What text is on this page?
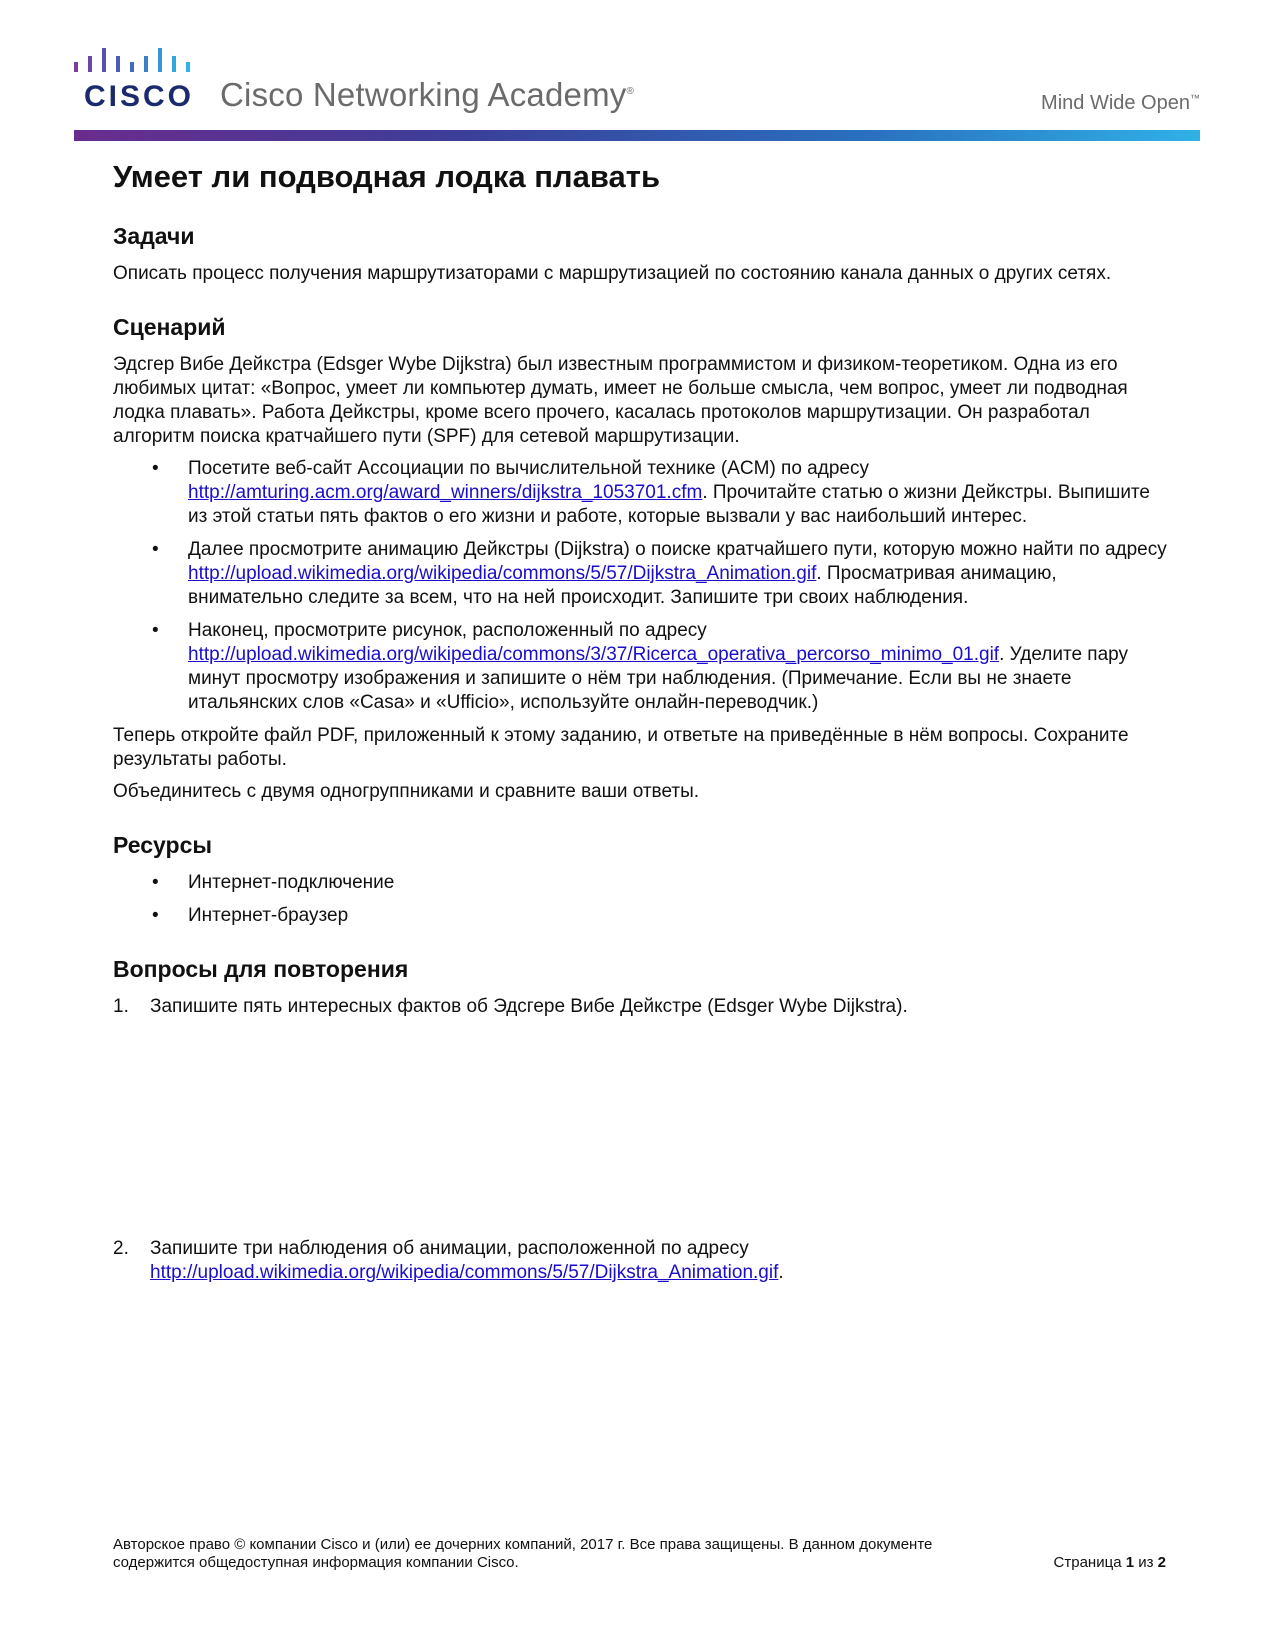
CISCO Cisco Networking Academy®
Mind Wide Open™
Умеет ли подводная лодка плавать
Задачи

Описать процесс получения маршрутизаторами с маршрутизацией по состоянию канала данных о других сетях.

Сценарий

Эдсгер Вибе Дейкстра (Edsger Wybe Dijkstra) был известным программистом и физиком-теоретиком. Одна из его любимых цитат: «Вопрос, умеет ли компьютер думать, имеет не больше смысла, чем вопрос, умеет ли подводная лодка плавать». Работа Дейкстры, кроме всего прочего, касалась протоколов маршрутизации. Он разработал алгоритм поиска кратчайшего пути (SPF) для сетевой маршрутизации.

• Посетите веб-сайт Ассоциации по вычислительной технике (ACM) по адресу http://amturing.acm.org/award_winners/dijkstra_1053701.cfm. Прочитайте статью о жизни Дейкстры. Выпишите из этой статьи пять фактов о его жизни и работе, которые вызвали у вас наибольший интерес.
• Далее просмотрите анимацию Дейкстры (Dijkstra) о поиске кратчайшего пути, которую можно найти по адресу http://upload.wikimedia.org/wikipedia/commons/5/57/Dijkstra_Animation.gif. Просматривая анимацию, внимательно следите за всем, что на ней происходит. Запишите три своих наблюдения.
• Наконец, просмотрите рисунок, расположенный по адресу http://upload.wikimedia.org/wikipedia/commons/3/37/Ricerca_operativa_percorso_minimo_01.gif. Уделите пару минут просмотру изображения и запишите о нём три наблюдения. (Примечание. Если вы не знаете итальянских слов «Casa» и «Ufficio», используйте онлайн-переводчик.)

Теперь откройте файл PDF, приложенный к этому заданию, и ответьте на приведённые в нём вопросы. Сохраните результаты работы.

Объединитесь с двумя одногруппниками и сравните ваши ответы.

Ресурсы
• Интернет-подключение
• Интернет-браузер
Вопросы для повторения
1. Запишите пять интересных фактов об Эдсгере Вибе Дейкстре (Edsger Wybe Dijkstra).
2. Запишите три наблюдения об анимации, расположенной по адресу
http://upload.wikimedia.org/wikipedia/commons/5/57/Dijkstra_Animation.gif.
Авторское право © компании Cisco и (или) ее дочерних компаний, 2017 г. Все права защищены. В данном документе содержится общедоступная информация компании Cisco.	Страница 1 из 2
